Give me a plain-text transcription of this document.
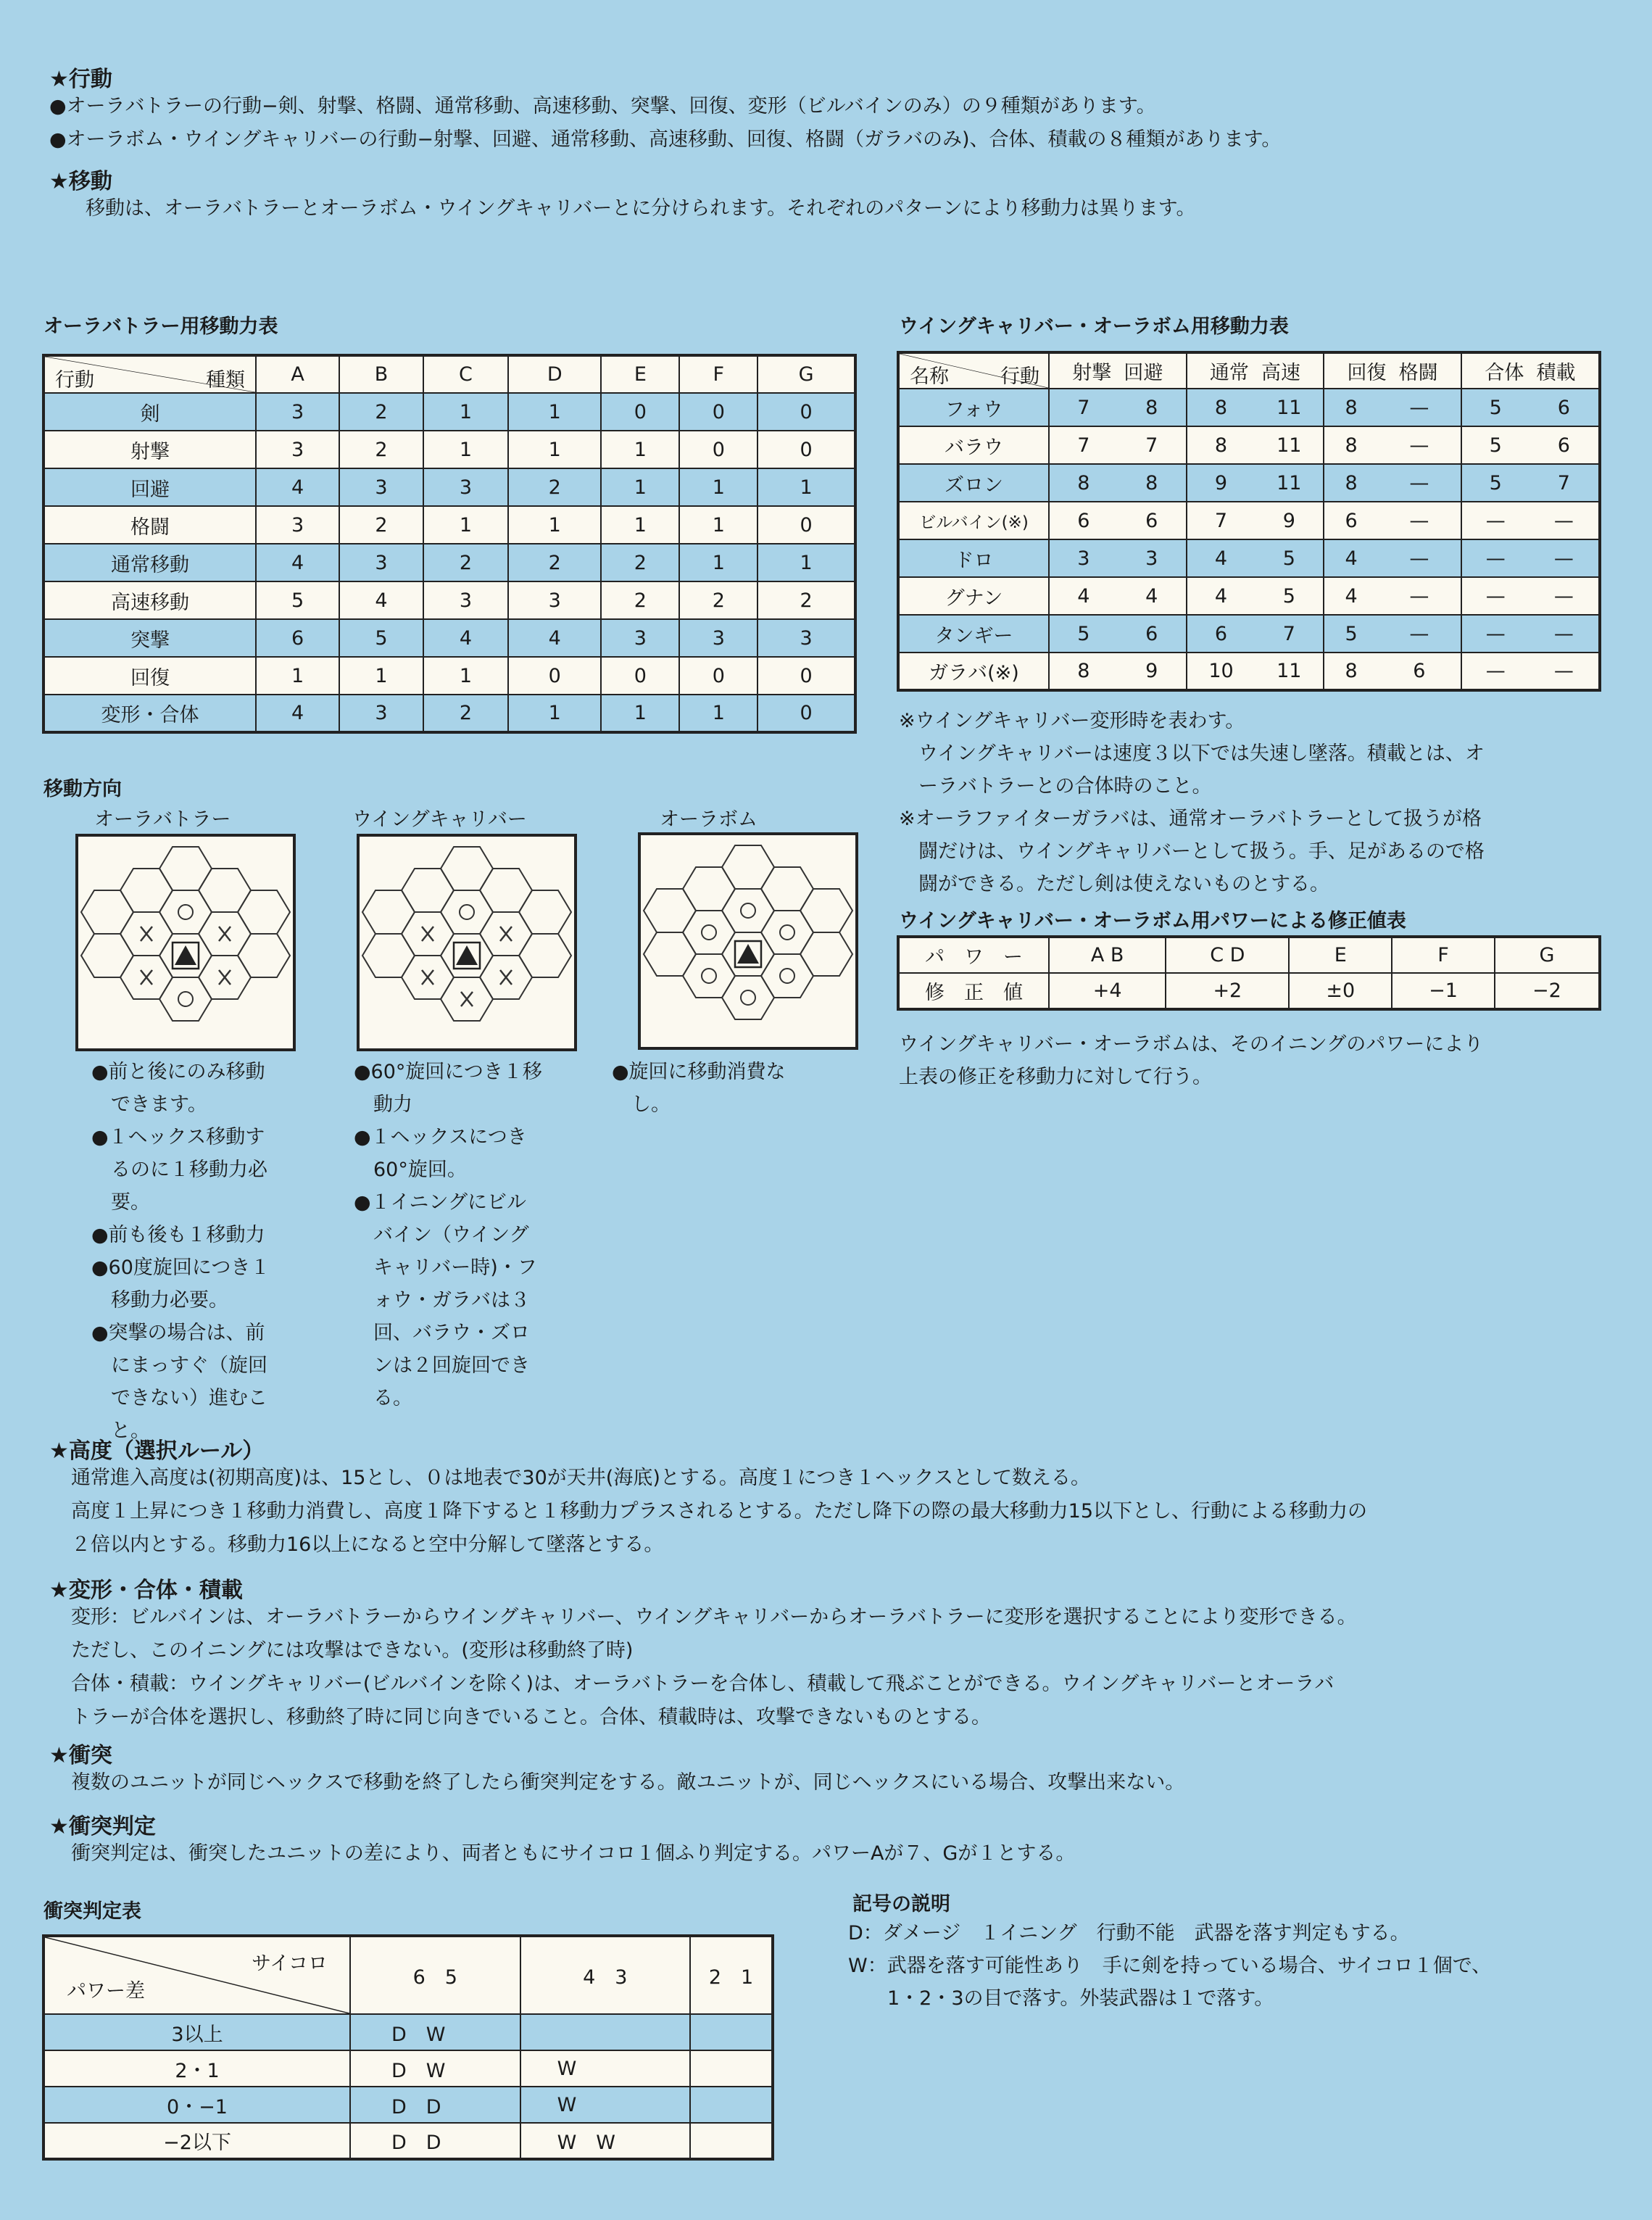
★行動
●オーラバトラーの行動−剣、射撃、格闘、通常移動、高速移動、突撃、回復、変形（ビルバインのみ）の９種類があります。
●オーラボム・ウイングキャリバーの行動−射撃、回避、通常移動、高速移動、回復、格闘（ガラバのみ)、合体、積載の８種類があります。
★移動
移動は、オーラバトラーとオーラボム・ウイングキャリバーとに分けられます。それぞれのパターンにより移動力は異ります。
オーラバトラー用移動力表
行動 種類	A	B	C	D	E	F	G
剣	3	2	1	1	0	0	0
射撃	3	2	1	1	1	0	0
回避	4	3	3	2	1	1	1
格闘	3	2	1	1	1	1	0
通常移動	4	3	2	2	2	1	1
高速移動	5	4	3	3	2	2	2
突撃	6	5	4	4	3	3	3
回復	1	1	1	0	0	0	0
変形・合体	4	3	2	1	1	1	0
ウイングキャリバー・オーラボム用移動力表
名称 行動	射撃  回避		通常  高速		回復  格闘		合体  積載	
フォウ	7	8	8	11	8	—	5	6
バラウ	7	7	8	11	8	—	5	6
ズロン	8	8	9	11	8	—	5	7
ビルバイン(※)	6	6	7	9	6	—	—	—
ドロ	3	3	4	5	4	—	—	—
グナン	4	4	4	5	4	—	—	—
タンギー	5	6	6	7	5	—	—	—
ガラバ(※)	8	9	10	11	8	6	—	—
※ウイングキャリバー変形時を表わす。
　ウイングキャリバーは速度３以下では失速し墜落。積載とは、オ
　ーラバトラーとの合体時のこと。
※オーラファイターガラバは、通常オーラバトラーとして扱うが格
　闘だけは、ウイングキャリバーとして扱う。手、足があるので格
　闘ができる。ただし剣は使えないものとする。
ウイングキャリバー・オーラボム用パワーによる修正値表
パ　ワ　ー	A B	C D	E	F	G
修　正　値	+4	+2	±0	−1	−2
ウイングキャリバー・オーラボムは、そのイニングのパワーにより
上表の修正を移動力に対して行う。
移動方向
オーラバトラー	ウイングキャリバー	オーラボム
●前と後にのみ移動
　できます。
●１ヘックス移動す
　るのに１移動力必
　要。
●前も後も１移動力
●60度旋回につき１
　移動力必要。
●突撃の場合は、前
　にまっすぐ（旋回
　できない）進むこ
　と。
●60°旋回につき１移
　動力
●１ヘックスにつき
　60°旋回。
●１イニングにビル
　バイン（ウイング
　キャリバー時)・フ
　ォウ・ガラバは３
　回、バラウ・ズロ
　ンは２回旋回でき
　る。
●旋回に移動消費な
　し。
★高度（選択ルール）
通常進入高度は(初期高度)は、15とし、０は地表で30が天井(海底)とする。高度１につき１ヘックスとして数える。
高度１上昇につき１移動力消費し、高度１降下すると１移動力プラスされるとする。ただし降下の際の最大移動力15以下とし、行動による移動力の
２倍以内とする。移動力16以上になると空中分解して墜落とする。
★変形・合体・積載
変形：ビルバインは、オーラバトラーからウイングキャリバー、ウイングキャリバーからオーラバトラーに変形を選択することにより変形できる。
ただし、このイニングには攻撃はできない。(変形は移動終了時)
合体・積載：ウイングキャリバー(ビルバインを除く)は、オーラバトラーを合体し、積載して飛ぶことができる。ウイングキャリバーとオーラバ
トラーが合体を選択し、移動終了時に同じ向きでいること。合体、積載時は、攻撃できないものとする。
★衝突
複数のユニットが同じヘックスで移動を終了したら衝突判定をする。敵ユニットが、同じヘックスにいる場合、攻撃出来ない。
★衝突判定
衝突判定は、衝突したユニットの差により、両者ともにサイコロ１個ふり判定する。パワーAが７、Gが１とする。
衝突判定表
サイコロ
パワー差	6　5	4　3	2　1
3以上	D　W		
2・1	D　W	W	
0・−1	D　D	W	
−2以下	D　D	W　W	
記号の説明
D：ダメージ　１イニング　行動不能　武器を落す判定もする。
W：武器を落す可能性あり　手に剣を持っている場合、サイコロ１個で、
　　1・2・3の目で落す。外装武器は１で落す。
